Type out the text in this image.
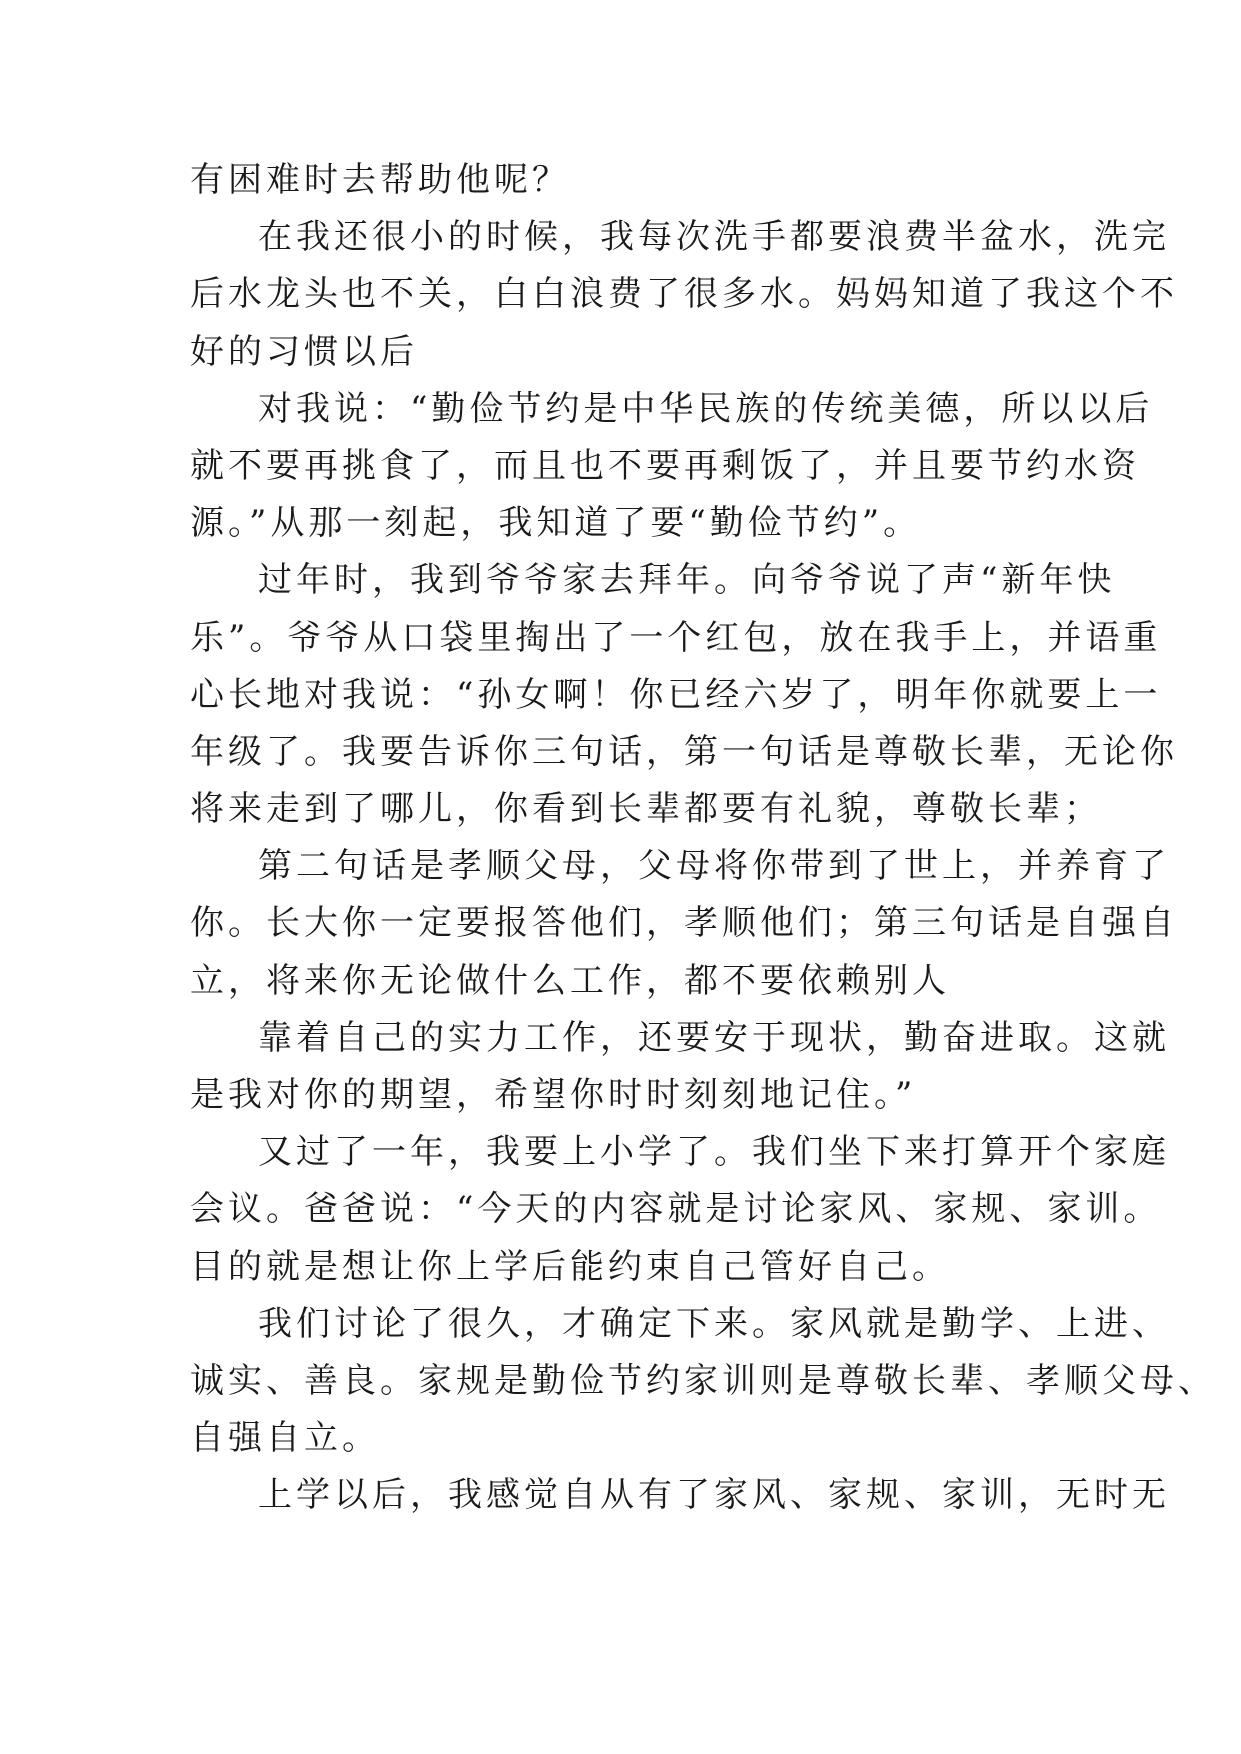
有困难时去帮助他呢？
在我还很小的时候，我每次洗手都要浪费半盆水，洗完
后水龙头也不关，白白浪费了很多水。妈妈知道了我这个不
好的习惯以后
对我说：“勤俭节约是中华民族的传统美德，所以以后
就不要再挑食了，而且也不要再剩饭了，并且要节约水资
源。”从那一刻起，我知道了要“勤俭节约”。
过年时，我到爷爷家去拜年。向爷爷说了声“新年快
乐”。爷爷从口袋里掏出了一个红包，放在我手上，并语重
心长地对我说：“孙女啊！你已经六岁了，明年你就要上一
年级了。我要告诉你三句话，第一句话是尊敬长辈，无论你
将来走到了哪儿，你看到长辈都要有礼貌，尊敬长辈；
第二句话是孝顺父母，父母将你带到了世上，并养育了
你。长大你一定要报答他们，孝顺他们；第三句话是自强自
立，将来你无论做什么工作，都不要依赖别人
靠着自己的实力工作，还要安于现状，勤奋进取。这就
是我对你的期望，希望你时时刻刻地记住。”
又过了一年，我要上小学了。我们坐下来打算开个家庭
会议。爸爸说：“今天的内容就是讨论家风、家规、家训。
目的就是想让你上学后能约束自己管好自己。
我们讨论了很久，才确定下来。家风就是勤学、上进、
诚实、善良。家规是勤俭节约家训则是尊敬长辈、孝顺父母、
自强自立。
上学以后，我感觉自从有了家风、家规、家训，无时无
